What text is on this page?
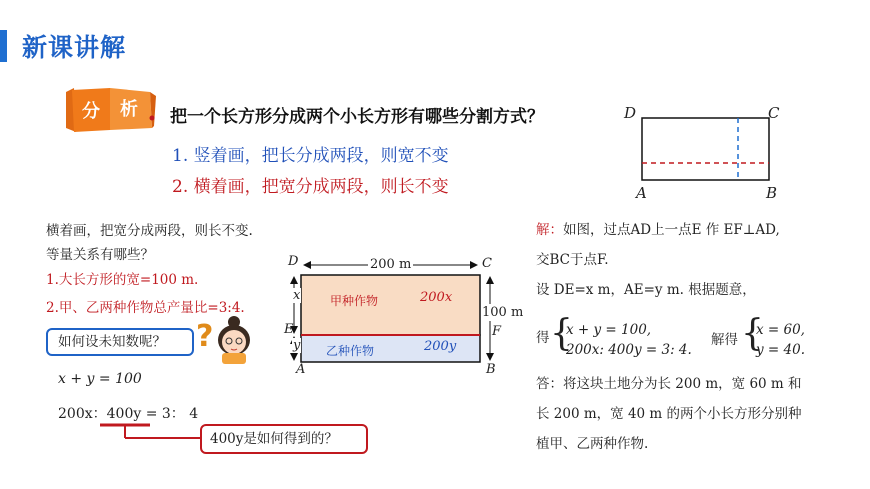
新课讲解
分 析 把一个长方形分成两个小长方形有哪些分割方式？
1. 竖着画，把长分成两段，则宽不变
2. 横着画，把宽分成两段，则长不变
D	C
A	B
横着画，把宽分成两段，则长不变.
等量关系有哪些？
1.大长方形的宽=100 m.
2.甲、乙两种作物总产量比=3:4.
如何设未知数呢？	?
x + y = 100
200x：400y = 3： 4
400y是如何得到的？
D	C
A	B
E	F
x
y
200 m
100 m
甲种作物	200x
乙种作物	200y
解：如图，过点AD上一点E 作 EF⊥AD,
交BC于点F.
设 DE=x m，AE=y m. 根据题意，
得 {
x + y = 100,
200x: 400y = 3: 4.
解得 {
x = 60,
y = 40.
答：将这块土地分为长 200 m，宽 60 m 和
长 200 m，宽 40 m 的两个小长方形分别种
植甲、乙两种作物.
